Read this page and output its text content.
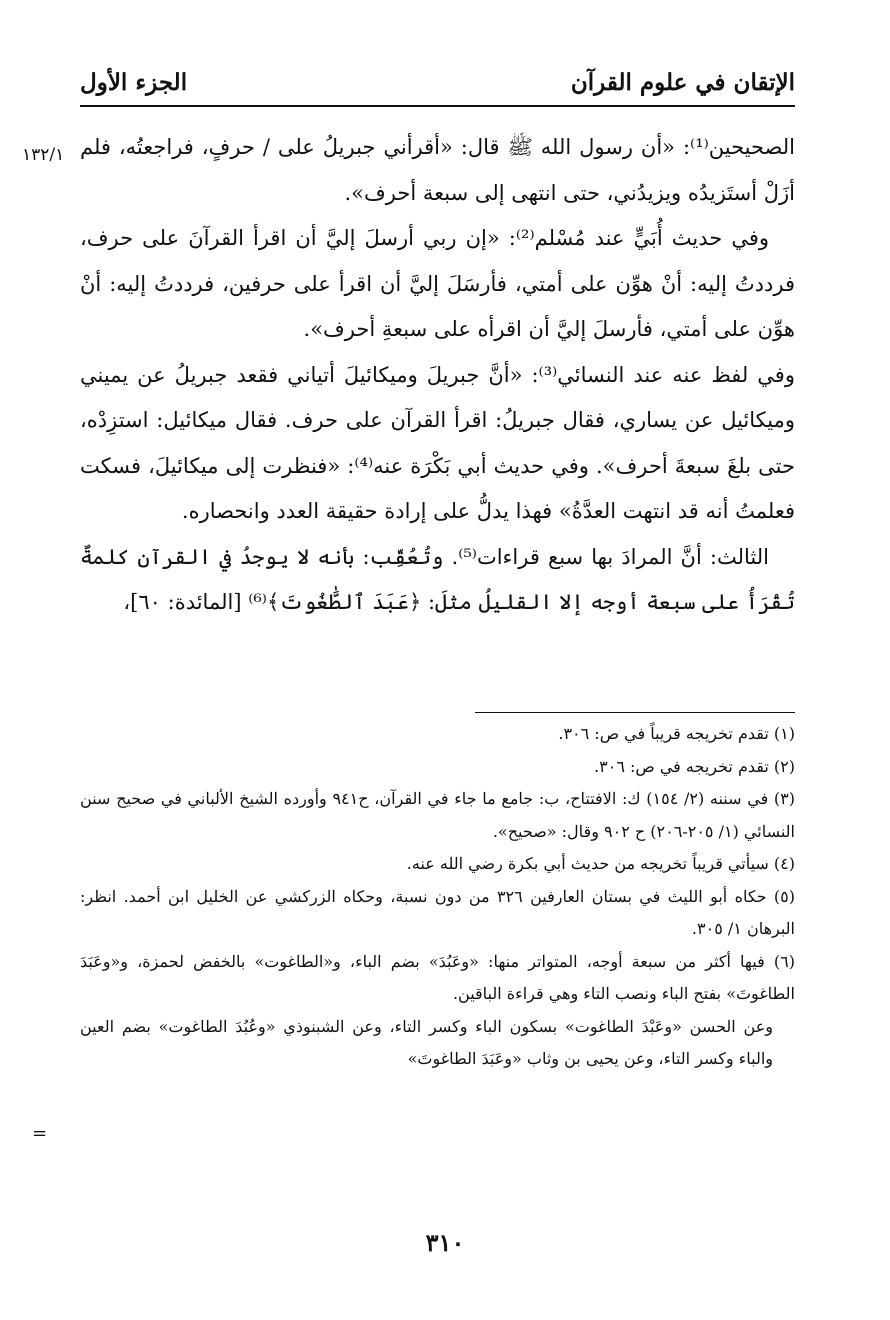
الإتقان في علوم القرآن
الجزء الأول
١٣٢/١ الصحيحين⁽¹⁾: «أن رسول الله ﷺ قال: «أقرأني جبريلُ على / حرفٍ، فراجعتُه، فلم أزَلْ أستَزيدُه ويزيدُني، حتى انتهى إلى سبعة أحرف».

وفي حديث أُبَيٍّ عند مُسْلم⁽²⁾: «إن ربي أرسلَ إليَّ أن اقرأ القرآنَ على حرف، فرددتُ إليه: أنْ هوِّن على أمتي، فأرسَلَ إليَّ أن اقرأ على حرفين، فرددتُ إليه: أنْ هوِّن على أمتي، فأرسلَ إليَّ أن اقرأه على سبعةِ أحرف».

وفي لفظ عنه عند النسائي⁽³⁾: «أنَّ جبريلَ وميكائيلَ أتياني فقعد جبريلُ عن يميني وميكائيل عن يساري، فقال جبريلُ: اقرأ القرآن على حرف. فقال ميكائيل: استزِدْه، حتى بلغَ سبعةَ أحرف». وفي حديث أبي بَكْرَة عنه⁽⁴⁾: «فنظرت إلى ميكائيلَ، فسكت فعلمتُ أنه قد انتهت العدَّةُ» فهذا يدلُّ على إرادة حقيقة العدد وانحصاره.

الثالث: أنَّ المرادَ بها سبع قراءات⁽⁵⁾. وتُعُقِّب: بأنه لا يوجدُ في القرآن كلمةٌ تُقْرَأُ على سبعة أوجه إلا القليلُ مثلَ: ﴿عَبَدَ ٱلطَّٰغُوتَ﴾⁽⁶⁾ [المائدة: ٦٠]،

(١) تقدم تخريجه قريباً في ص: ٣٠٦.

(٢) تقدم تخريجه في ص: ٣٠٦.

(٣) في سننه (٢/ ١٥٤) ك: الافتتاح، ب: جامع ما جاء في القرآن، ح٩٤١ وأورده الشيخ الألباني في صحيح سنن النسائي (١/ ٢٠٥-٢٠٦) ح ٩٠٢ وقال: «صحيح».

(٤) سيأتي قريباً تخريجه من حديث أبي بكرة رضي الله عنه.

(٥) حكاه أبو الليث في بستان العارفين ٣٢٦ من دون نسبة، وحكاه الزركشي عن الخليل ابن أحمد. انظر: البرهان ١/ ٣٠٥.

(٦) فيها أكثر من سبعة أوجه، المتواتر منها: «وعَبُدَ» بضم الباء، و«الطاغوت» بالخفض لحمزة، و«وعَبَدَ الطاغوتَ» بفتح الباء ونصب التاء وهي قراءة الباقين.

وعن الحسن «وعَبْدَ الطاغوت» بسكون الباء وكسر التاء، وعن الشبنوذي «وعُبُدَ الطاغوت» بضم العين والباء وكسر التاء، وعن يحيى بن وثاب «وعَبَدَ الطاغوتَ»

=
٣١٠
